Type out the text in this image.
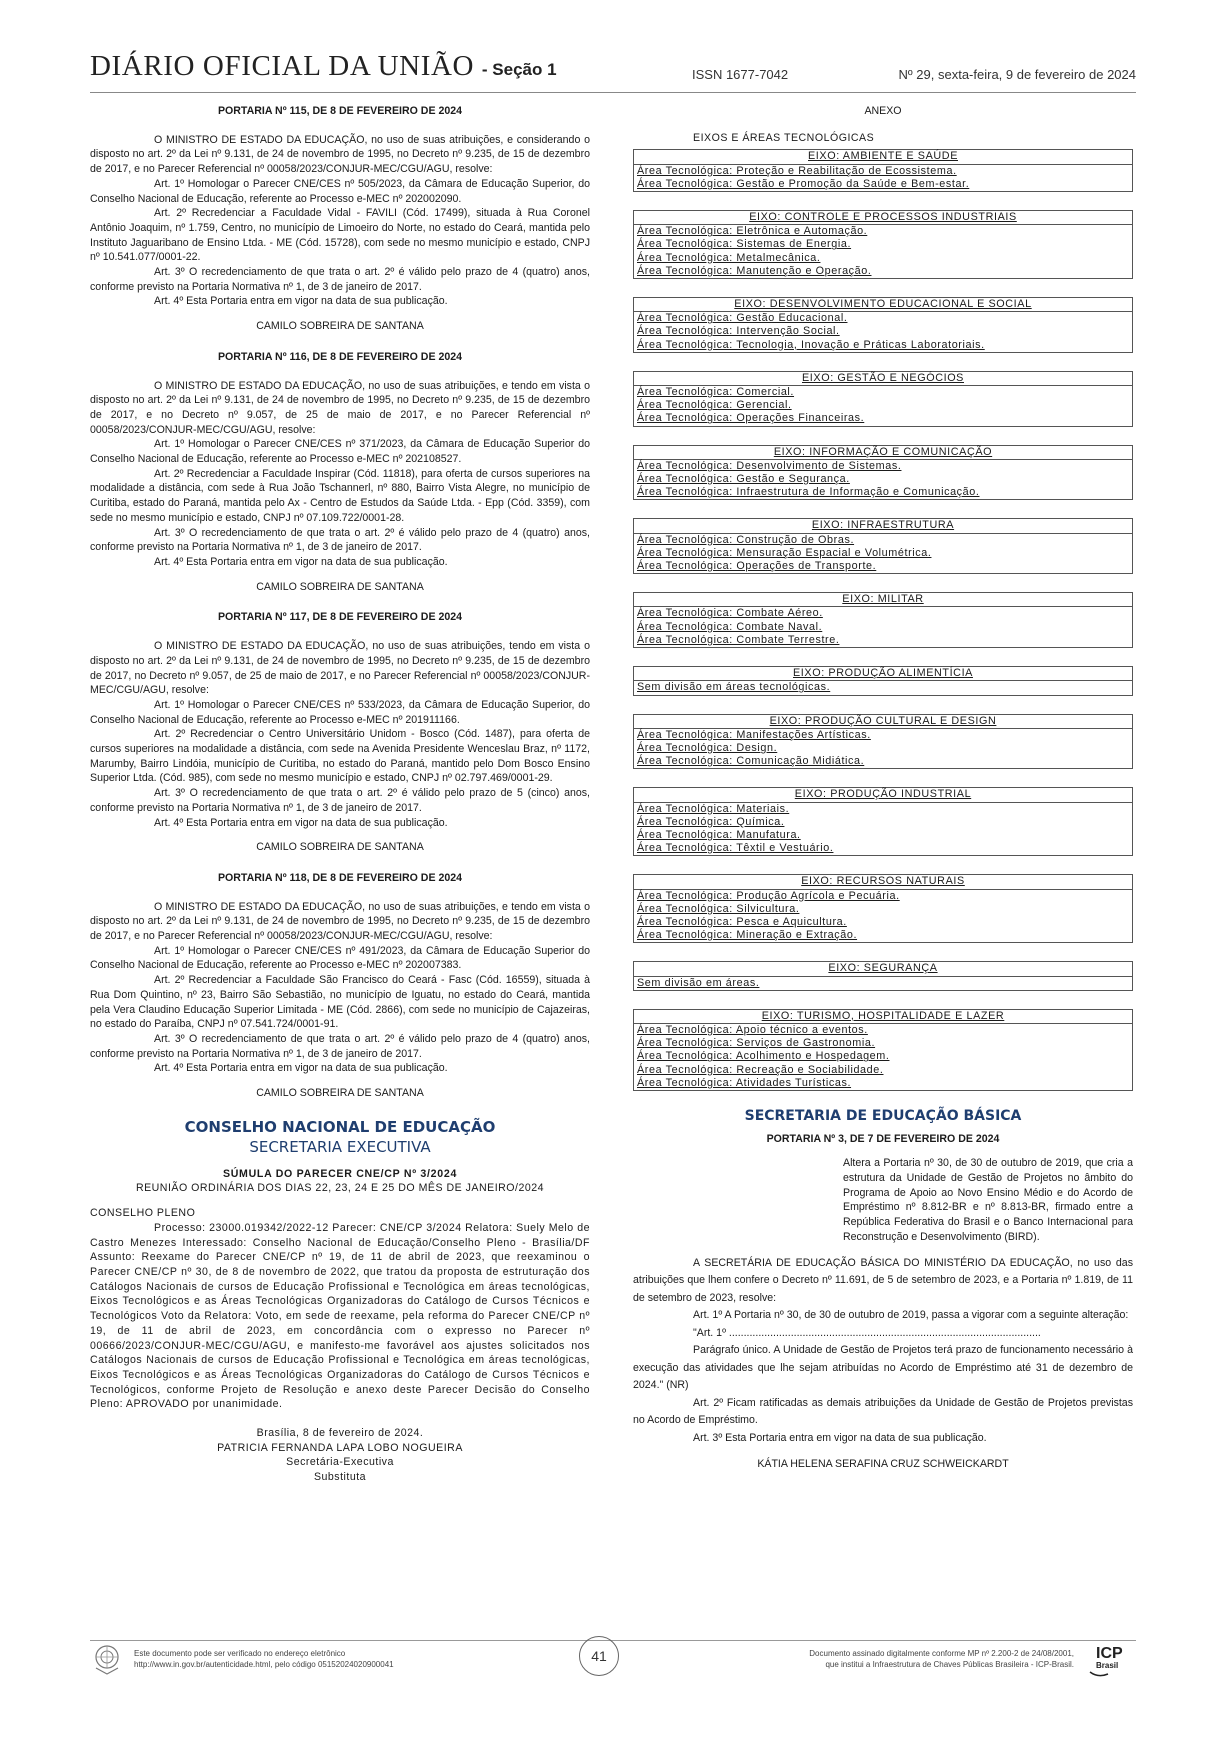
DIÁRIO OFICIAL DA UNIÃO - Seção 1	ISSN 1677-7042	Nº 29, sexta-feira, 9 de fevereiro de 2024
PORTARIA Nº 115, DE 8 DE FEVEREIRO DE 2024

O MINISTRO DE ESTADO DA EDUCAÇÃO, no uso de suas atribuições, e considerando o disposto no art. 2º da Lei nº 9.131, de 24 de novembro de 1995, no Decreto nº 9.235, de 15 de dezembro de 2017, e no Parecer Referencial nº 00058/2023/CONJUR-MEC/CGU/AGU, resolve:

Art. 1º Homologar o Parecer CNE/CES nº 505/2023, da Câmara de Educação Superior, do Conselho Nacional de Educação, referente ao Processo e-MEC nº 202002090.

Art. 2º Recredenciar a Faculdade Vidal - FAVILI (Cód. 17499), situada à Rua Coronel Antônio Joaquim, nº 1.759, Centro, no município de Limoeiro do Norte, no estado do Ceará, mantida pelo Instituto Jaguaribano de Ensino Ltda. - ME (Cód. 15728), com sede no mesmo município e estado, CNPJ nº 10.541.077/0001-22.

Art. 3º O recredenciamento de que trata o art. 2º é válido pelo prazo de 4 (quatro) anos, conforme previsto na Portaria Normativa nº 1, de 3 de janeiro de 2017.

Art. 4º Esta Portaria entra em vigor na data de sua publicação.

CAMILO SOBREIRA DE SANTANA
PORTARIA Nº 116, DE 8 DE FEVEREIRO DE 2024

O MINISTRO DE ESTADO DA EDUCAÇÃO, no uso de suas atribuições, e tendo em vista o disposto no art. 2º da Lei nº 9.131, de 24 de novembro de 1995, no Decreto nº 9.235, de 15 de dezembro de 2017, e no Decreto nº 9.057, de 25 de maio de 2017, e no Parecer Referencial nº 00058/2023/CONJUR-MEC/CGU/AGU, resolve:

Art. 1º Homologar o Parecer CNE/CES nº 371/2023, da Câmara de Educação Superior do Conselho Nacional de Educação, referente ao Processo e-MEC nº 202108527.

Art. 2º Recredenciar a Faculdade Inspirar (Cód. 11818), para oferta de cursos superiores na modalidade a distância, com sede à Rua João Tschannerl, nº 880, Bairro Vista Alegre, no município de Curitiba, estado do Paraná, mantida pelo Ax - Centro de Estudos da Saúde Ltda. - Epp (Cód. 3359), com sede no mesmo município e estado, CNPJ nº 07.109.722/0001-28.

Art. 3º O recredenciamento de que trata o art. 2º é válido pelo prazo de 4 (quatro) anos, conforme previsto na Portaria Normativa nº 1, de 3 de janeiro de 2017.

Art. 4º Esta Portaria entra em vigor na data de sua publicação.

CAMILO SOBREIRA DE SANTANA
PORTARIA Nº 117, DE 8 DE FEVEREIRO DE 2024

O MINISTRO DE ESTADO DA EDUCAÇÃO, no uso de suas atribuições, tendo em vista o disposto no art. 2º da Lei nº 9.131, de 24 de novembro de 1995, no Decreto nº 9.235, de 15 de dezembro de 2017, no Decreto nº 9.057, de 25 de maio de 2017, e no Parecer Referencial nº 00058/2023/CONJUR-MEC/CGU/AGU, resolve:

Art. 1º Homologar o Parecer CNE/CES nº 533/2023, da Câmara de Educação Superior, do Conselho Nacional de Educação, referente ao Processo e-MEC nº 201911166.

Art. 2º Recredenciar o Centro Universitário Unidom - Bosco (Cód. 1487), para oferta de cursos superiores na modalidade a distância, com sede na Avenida Presidente Wenceslau Braz, nº 1172, Marumby, Bairro Lindóia, município de Curitiba, no estado do Paraná, mantido pelo Dom Bosco Ensino Superior Ltda. (Cód. 985), com sede no mesmo município e estado, CNPJ nº 02.797.469/0001-29.

Art. 3º O recredenciamento de que trata o art. 2º é válido pelo prazo de 5 (cinco) anos, conforme previsto na Portaria Normativa nº 1, de 3 de janeiro de 2017.

Art. 4º Esta Portaria entra em vigor na data de sua publicação.

CAMILO SOBREIRA DE SANTANA
PORTARIA Nº 118, DE 8 DE FEVEREIRO DE 2024

O MINISTRO DE ESTADO DA EDUCAÇÃO, no uso de suas atribuições, e tendo em vista o disposto no art. 2º da Lei nº 9.131, de 24 de novembro de 1995, no Decreto nº 9.235, de 15 de dezembro de 2017, e no Parecer Referencial nº 00058/2023/CONJUR-MEC/CGU/AGU, resolve:

Art. 1º Homologar o Parecer CNE/CES nº 491/2023, da Câmara de Educação Superior do Conselho Nacional de Educação, referente ao Processo e-MEC nº 202007383.

Art. 2º Recredenciar a Faculdade São Francisco do Ceará - Fasc (Cód. 16559), situada à Rua Dom Quintino, nº 23, Bairro São Sebastião, no município de Iguatu, no estado do Ceará, mantida pela Vera Claudino Educação Superior Limitada - ME (Cód. 2866), com sede no município de Cajazeiras, no estado do Paraíba, CNPJ nº 07.541.724/0001-91.

Art. 3º O recredenciamento de que trata o art. 2º é válido pelo prazo de 4 (quatro) anos, conforme previsto na Portaria Normativa nº 1, de 3 de janeiro de 2017.

Art. 4º Esta Portaria entra em vigor na data de sua publicação.

CAMILO SOBREIRA DE SANTANA
CONSELHO NACIONAL DE EDUCAÇÃO
SECRETARIA EXECUTIVA
SÚMULA DO PARECER CNE/CP Nº 3/2024
REUNIÃO ORDINÁRIA DOS DIAS 22, 23, 24 E 25 DO MÊS DE JANEIRO/2024
CONSELHO PLENO

Processo: 23000.019342/2022-12 Parecer: CNE/CP 3/2024 Relatora: Suely Melo de Castro Menezes Interessado: Conselho Nacional de Educação/Conselho Pleno - Brasília/DF Assunto: Reexame do Parecer CNE/CP nº 19, de 11 de abril de 2023, que reexaminou o Parecer CNE/CP nº 30, de 8 de novembro de 2022, que tratou da proposta de estruturação dos Catálogos Nacionais de cursos de Educação Profissional e Tecnológica em áreas tecnológicas, Eixos Tecnológicos e as Áreas Tecnológicas Organizadoras do Catálogo de Cursos Técnicos e Tecnológicos Voto da Relatora: Voto, em sede de reexame, pela reforma do Parecer CNE/CP nº 19, de 11 de abril de 2023, em concordância com o expresso no Parecer nº 00666/2023/CONJUR-MEC/CGU/AGU, e manifesto-me favorável aos ajustes solicitados nos Catálogos Nacionais de cursos de Educação Profissional e Tecnológica em áreas tecnológicas, Eixos Tecnológicos e as Áreas Tecnológicas Organizadoras do Catálogo de Cursos Técnicos e Tecnológicos, conforme Projeto de Resolução e anexo deste Parecer Decisão do Conselho Pleno: APROVADO por unanimidade.

Brasília, 8 de fevereiro de 2024.
PATRICIA FERNANDA LAPA LOBO NOGUEIRA
Secretária-Executiva
Substituta
ANEXO
EIXOS E ÁREAS TECNOLÓGICAS
EIXO: AMBIENTE E SAÚDE
Área Tecnológica: Proteção e Reabilitação de Ecossistema.
Área Tecnológica: Gestão e Promoção da Saúde e Bem-estar.
EIXO: CONTROLE E PROCESSOS INDUSTRIAIS
Área Tecnológica: Eletrônica e Automação.
Área Tecnológica: Sistemas de Energia.
Área Tecnológica: Metalmecânica.
Área Tecnológica: Manutenção e Operação.
EIXO: DESENVOLVIMENTO EDUCACIONAL E SOCIAL
Área Tecnológica: Gestão Educacional.
Área Tecnológica: Intervenção Social.
Área Tecnológica: Tecnologia, Inovação e Práticas Laboratoriais.
EIXO: GESTÃO E NEGÓCIOS
Área Tecnológica: Comercial.
Área Tecnológica: Gerencial.
Área Tecnológica: Operações Financeiras.
EIXO: INFORMAÇÃO E COMUNICAÇÃO
Área Tecnológica: Desenvolvimento de Sistemas.
Área Tecnológica: Gestão e Segurança.
Área Tecnológica: Infraestrutura de Informação e Comunicação.
EIXO: INFRAESTRUTURA
Área Tecnológica: Construção de Obras.
Área Tecnológica: Mensuração Espacial e Volumétrica.
Área Tecnológica: Operações de Transporte.
EIXO: MILITAR
Área Tecnológica: Combate Aéreo.
Área Tecnológica: Combate Naval.
Área Tecnológica: Combate Terrestre.
EIXO: PRODUÇÃO ALIMENTÍCIA
Sem divisão em áreas tecnológicas.
EIXO: PRODUÇÃO CULTURAL E DESIGN
Área Tecnológica: Manifestações Artísticas.
Área Tecnológica: Design.
Área Tecnológica: Comunicação Midiática.
EIXO: PRODUÇÃO INDUSTRIAL
Área Tecnológica: Materiais.
Área Tecnológica: Química.
Área Tecnológica: Manufatura.
Área Tecnológica: Têxtil e Vestuário.
EIXO: RECURSOS NATURAIS
Área Tecnológica: Produção Agrícola e Pecuária.
Área Tecnológica: Silvicultura.
Área Tecnológica: Pesca e Aquicultura.
Área Tecnológica: Mineração e Extração.
EIXO: SEGURANÇA
Sem divisão em áreas.
EIXO: TURISMO, HOSPITALIDADE E LAZER
Área Tecnológica: Apoio técnico a eventos.
Área Tecnológica: Serviços de Gastronomia.
Área Tecnológica: Acolhimento e Hospedagem.
Área Tecnológica: Recreação e Sociabilidade.
Área Tecnológica: Atividades Turísticas.
SECRETARIA DE EDUCAÇÃO BÁSICA
PORTARIA Nº 3, DE 7 DE FEVEREIRO DE 2024

Altera a Portaria nº 30, de 30 de outubro de 2019, que cria a estrutura da Unidade de Gestão de Projetos no âmbito do Programa de Apoio ao Novo Ensino Médio e do Acordo de Empréstimo nº 8.812-BR e nº 8.813-BR, firmado entre a República Federativa do Brasil e o Banco Internacional para Reconstrução e Desenvolvimento (BIRD).

A SECRETÁRIA DE EDUCAÇÃO BÁSICA DO MINISTÉRIO DA EDUCAÇÃO, no uso das atribuições que lhem confere o Decreto nº 11.691, de 5 de setembro de 2023, e a Portaria nº 1.819, de 11 de setembro de 2023, resolve:

Art. 1º A Portaria nº 30, de 30 de outubro de 2019, passa a vigorar com a seguinte alteração:

"Art. 1º ..........................................................................................................

Parágrafo único. A Unidade de Gestão de Projetos terá prazo de funcionamento necessário à execução das atividades que lhe sejam atribuídas no Acordo de Empréstimo até 31 de dezembro de 2024." (NR)

Art. 2º Ficam ratificadas as demais atribuições da Unidade de Gestão de Projetos previstas no Acordo de Empréstimo.

Art. 3º Esta Portaria entra em vigor na data de sua publicação.

KÁTIA HELENA SERAFINA CRUZ SCHWEICKARDT
Este documento pode ser verificado no endereço eletrônico
http://www.in.gov.br/autenticidade.html, pelo código 05152024020900041
41	Documento assinado digitalmente conforme MP nº 2.200-2 de 24/08/2001,
que institui a Infraestrutura de Chaves Públicas Brasileira - ICP-Brasil.
ICP
Brasil
